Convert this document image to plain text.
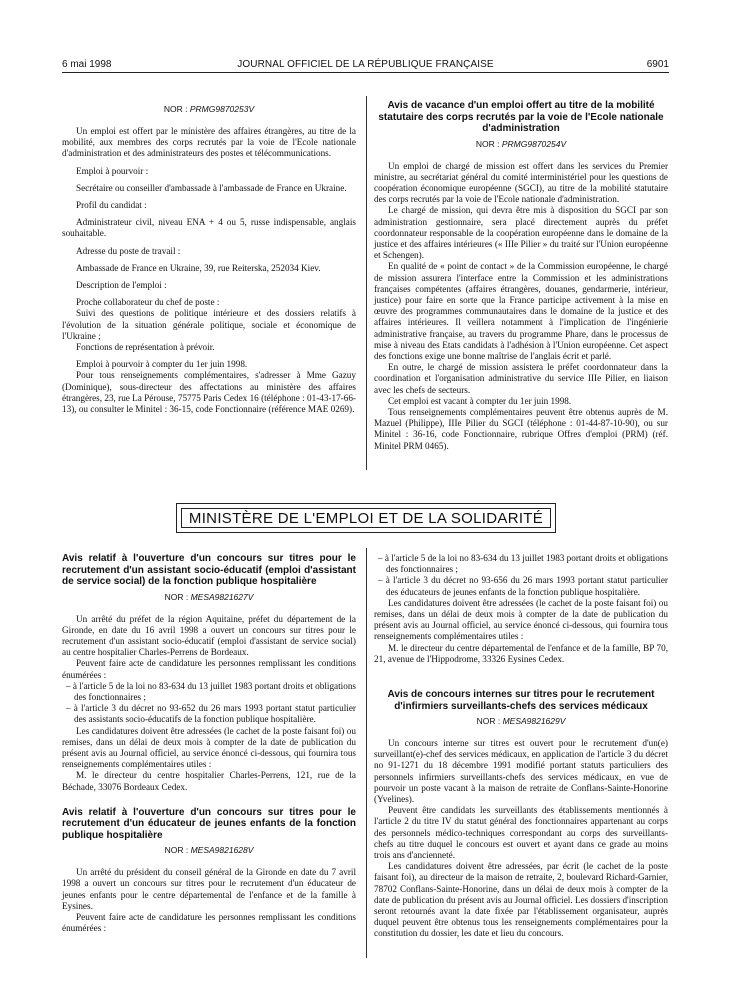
6 mai 1998	JOURNAL OFFICIEL DE LA RÉPUBLIQUE FRANÇAISE	6901
NOR : PRMG9870253V

Un emploi est offert par le ministère des affaires étrangères, au titre de la mobilité, aux membres des corps recrutés par la voie de l'Ecole nationale d'administration et des administrateurs des postes et télécommunications.

Emploi à pourvoir :

Secrétaire ou conseiller d'ambassade à l'ambassade de France en Ukraine.

Profil du candidat :

Administrateur civil, niveau ENA + 4 ou 5, russe indispensable, anglais souhaitable.

Adresse du poste de travail :

Ambassade de France en Ukraine, 39, rue Reiterska, 252034 Kiev.

Description de l'emploi :

Proche collaborateur du chef de poste :

Suivi des questions de politique intérieure et des dossiers relatifs à l'évolution de la situation générale politique, sociale et économique de l'Ukraine ;

Fonctions de représentation à prévoir.

Emploi à pourvoir à compter du 1er juin 1998.

Pour tous renseignements complémentaires, s'adresser à Mme Gazuy (Dominique), sous-directeur des affectations au ministère des affaires étrangères, 23, rue La Pérouse, 75775 Paris Cedex 16 (téléphone : 01-43-17-66-13), ou consulter le Minitel : 36-15, code Fonctionnaire (référence MAE 0269).

Avis de vacance d'un emploi offert au titre de la mobilité statutaire des corps recrutés par la voie de l'Ecole nationale d'administration
NOR : PRMG9870254V

Un emploi de chargé de mission est offert dans les services du Premier ministre, au secrétariat général du comité interministériel pour les questions de coopération économique européenne (SGCI), au titre de la mobilité statutaire des corps recrutés par la voie de l'Ecole nationale d'administration.

Le chargé de mission, qui devra être mis à disposition du SGCI par son administration gestionnaire, sera placé directement auprès du préfet coordonnateur responsable de la coopération européenne dans le domaine de la justice et des affaires intérieures (« IIIe Pilier » du traité sur l'Union européenne et Schengen).

En qualité de « point de contact » de la Commission européenne, le chargé de mission assurera l'interface entre la Commission et les administrations françaises compétentes (affaires étrangères, douanes, gendarmerie, intérieur, justice) pour faire en sorte que la France participe activement à la mise en œuvre des programmes communautaires dans le domaine de la justice et des affaires intérieures. Il veillera notamment à l'implication de l'ingénierie administrative française, au travers du programme Phare, dans le processus de mise à niveau des Etats candidats à l'adhésion à l'Union européenne. Cet aspect des fonctions exige une bonne maîtrise de l'anglais écrit et parlé.

En outre, le chargé de mission assistera le préfet coordonnateur dans la coordination et l'organisation administrative du service IIIe Pilier, en liaison avec les chefs de secteurs.

Cet emploi est vacant à compter du 1er juin 1998.

Tous renseignements complémentaires peuvent être obtenus auprès de M. Mazuel (Philippe), IIIe Pilier du SGCI (téléphone : 01-44-87-10-90), ou sur Minitel : 36-16, code Fonctionnaire, rubrique Offres d'emploi (PRM) (réf. Minitel PRM 0465).

MINISTÈRE DE L'EMPLOI ET DE LA SOLIDARITÉ
Avis relatif à l'ouverture d'un concours sur titres pour le recrutement d'un assistant socio-éducatif (emploi d'assistant de service social) de la fonction publique hospitalière
NOR : MESA9821627V

Un arrêté du préfet de la région Aquitaine, préfet du département de la Gironde, en date du 16 avril 1998 a ouvert un concours sur titres pour le recrutement d'un assistant socio-éducatif (emploi d'assistant de service social) au centre hospitalier Charles-Perrens de Bordeaux.

Peuvent faire acte de candidature les personnes remplissant les conditions énumérées :

– à l'article 5 de la loi no 83-634 du 13 juillet 1983 portant droits et obligations des fonctionnaires ;

– à l'article 3 du décret no 93-652 du 26 mars 1993 portant statut particulier des assistants socio-éducatifs de la fonction publique hospitalière.

Les candidatures doivent être adressées (le cachet de la poste faisant foi) ou remises, dans un délai de deux mois à compter de la date de publication du présent avis au Journal officiel, au service énoncé ci-dessous, qui fournira tous renseignements complémentaires utiles :

M. le directeur du centre hospitalier Charles-Perrens, 121, rue de la Béchade, 33076 Bordeaux Cedex.

Avis relatif à l'ouverture d'un concours sur titres pour le recrutement d'un éducateur de jeunes enfants de la fonction publique hospitalière
NOR : MESA9821628V

Un arrêté du président du conseil général de la Gironde en date du 7 avril 1998 a ouvert un concours sur titres pour le recrutement d'un éducateur de jeunes enfants pour le centre départemental de l'enfance et de la famille à Eysines.

Peuvent faire acte de candidature les personnes remplissant les conditions énumérées :

– à l'article 5 de la loi no 83-634 du 13 juillet 1983 portant droits et obligations des fonctionnaires ;

– à l'article 3 du décret no 93-656 du 26 mars 1993 portant statut particulier des éducateurs de jeunes enfants de la fonction publique hospitalière.

Les candidatures doivent être adressées (le cachet de la poste faisant foi) ou remises, dans un délai de deux mois à compter de la date de publication du présent avis au Journal officiel, au service énoncé ci-dessous, qui fournira tous renseignements complémentaires utiles :

M. le directeur du centre départemental de l'enfance et de la famille, BP 70, 21, avenue de l'Hippodrome, 33326 Eysines Cedex.

Avis de concours internes sur titres pour le recrutement d'infirmiers surveillants-chefs des services médicaux
NOR : MESA9821629V

Un concours interne sur titres est ouvert pour le recrutement d'un(e) surveillant(e)-chef des services médicaux, en application de l'article 3 du décret no 91-1271 du 18 décembre 1991 modifié portant statuts particuliers des personnels infirmiers surveillants-chefs des services médicaux, en vue de pourvoir un poste vacant à la maison de retraite de Conflans-Sainte-Honorine (Yvelines).

Peuvent être candidats les surveillants des établissements mentionnés à l'article 2 du titre IV du statut général des fonctionnaires appartenant au corps des personnels médico-techniques correspondant au corps des surveillants-chefs au titre duquel le concours est ouvert et ayant dans ce grade au moins trois ans d'ancienneté.

Les candidatures doivent être adressées, par écrit (le cachet de la poste faisant foi), au directeur de la maison de retraite, 2, boulevard Richard-Garnier, 78702 Conflans-Sainte-Honorine, dans un délai de deux mois à compter de la date de publication du présent avis au Journal officiel. Les dossiers d'inscription seront retournés avant la date fixée par l'établissement organisateur, auprès duquel peuvent être obtenus tous les renseignements complémentaires pour la constitution du dossier, les date et lieu du concours.
